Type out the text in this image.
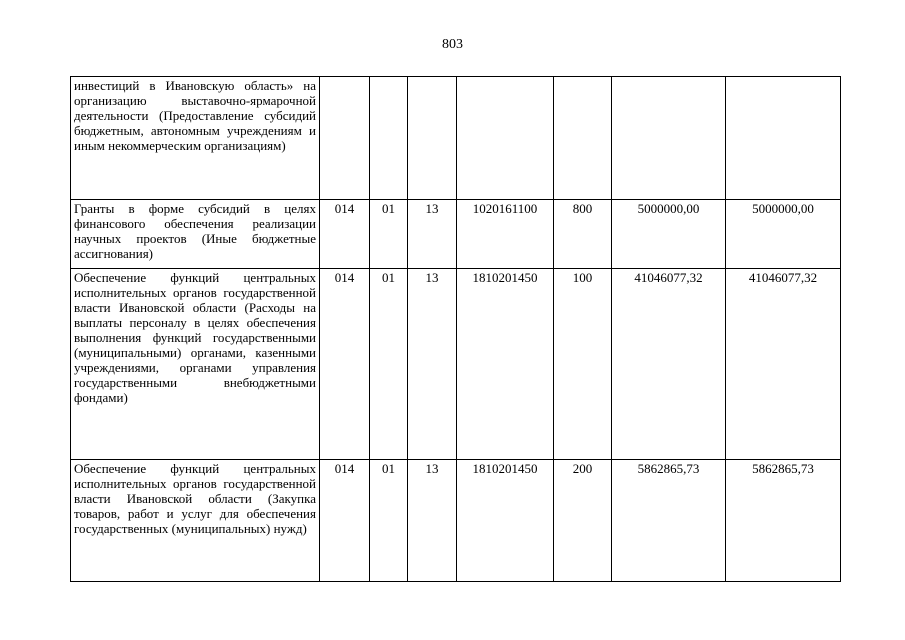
803
инвестиций в Ивановскую область» на организацию выставочно-ярмарочной деятельности (Предоставление субсидий бюджетным, автономным учреждениям и иным некоммерческим организациям)							
Гранты в форме субсидий в целях финансового обеспечения реализации научных проектов (Иные бюджетные ассигнования)	014	01	13	1020161100	800	5000000,00	5000000,00
Обеспечение функций центральных исполнительных органов государственной власти Ивановской области (Расходы на выплаты персоналу в целях обеспечения выполнения функций государственными (муниципальными) органами, казенными учреждениями, органами управления государственными внебюджетными фондами)	014	01	13	1810201450	100	41046077,32	41046077,32
Обеспечение функций центральных исполнительных органов государственной власти Ивановской области (Закупка товаров, работ и услуг для обеспечения государственных (муниципальных) нужд)	014	01	13	1810201450	200	5862865,73	5862865,73
